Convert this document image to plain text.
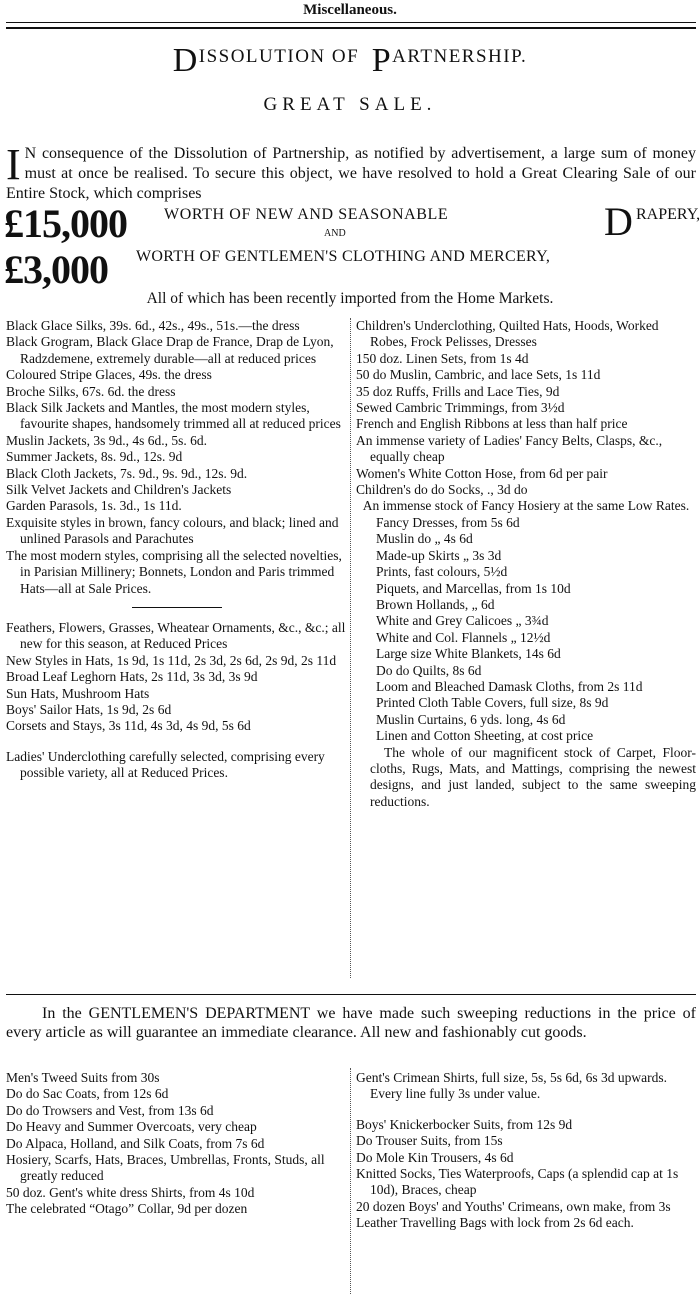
Miscellaneous.
DISSOLUTION OF PARTNERSHIP.
GREAT SALE.
I N consequence of the Dissolution of Partnership, as notified by advertisement, a large sum of money must at once be realised. To secure this object, we have resolved to hold a Great Clearing Sale of our Entire Stock, which comprises
£15,000 WORTH OF NEW AND SEASONABLE
AND	D RAPERY,
£3,000 WORTH OF GENTLEMEN'S CLOTHING AND MERCERY,
All of which has been recently imported from the Home Markets.

Black Glace Silks, 39s. 6d., 42s., 49s., 51s.—the dress

Black Grogram, Black Glace Drap de France, Drap de Lyon, Radzdemene, extremely durable—all at reduced prices

Coloured Stripe Glaces, 49s. the dress

Broche Silks, 67s. 6d. the dress

Black Silk Jackets and Mantles, the most modern styles, favourite shapes, handsomely trimmed all at reduced prices

Muslin Jackets, 3s 9d., 4s 6d., 5s. 6d.

Summer Jackets, 8s. 9d., 12s. 9d

Black Cloth Jackets, 7s. 9d., 9s. 9d., 12s. 9d.

Silk Velvet Jackets and Children's Jackets

Garden Parasols, 1s. 3d., 1s 11d.

Exquisite styles in brown, fancy colours, and black; lined and unlined Parasols and Parachutes

The most modern styles, comprising all the selected novelties, in Parisian Millinery; Bonnets, London and Paris trimmed Hats—all at Sale Prices.

Feathers, Flowers, Grasses, Wheatear Ornaments, &c., &c.; all new for this season, at Reduced Prices

New Styles in Hats, 1s 9d, 1s 11d, 2s 3d, 2s 6d, 2s 9d, 2s 11d

Broad Leaf Leghorn Hats, 2s 11d, 3s 3d, 3s 9d

Sun Hats, Mushroom Hats

Boys' Sailor Hats, 1s 9d, 2s 6d

Corsets and Stays, 3s 11d, 4s 3d, 4s 9d, 5s 6d

Ladies' Underclothing carefully selected, comprising every possible variety, all at Reduced Prices.

Children's Underclothing, Quilted Hats, Hoods, Worked Robes, Frock Pelisses, Dresses

150 doz. Linen Sets, from 1s 4d

50 do Muslin, Cambric, and lace Sets, 1s 11d

35 doz Ruffs, Frills and Lace Ties, 9d

Sewed Cambric Trimmings, from 3½d

French and English Ribbons at less than half price

An immense variety of Ladies' Fancy Belts, Clasps, &c., equally cheap

Women's White Cotton Hose, from 6d per pair

Children's do do Socks, ., 3d do

An immense stock of Fancy Hosiery at the same Low Rates.

Fancy Dresses, from 5s 6d

Muslin do „ 4s 6d

Made-up Skirts „ 3s 3d

Prints, fast colours, 5½d

Piquets, and Marcellas, from 1s 10d

Brown Hollands, „ 6d

White and Grey Calicoes „ 3¾d

White and Col. Flannels „ 12½d

Large size White Blankets, 14s 6d

Do do Quilts, 8s 6d

Loom and Bleached Damask Cloths, from 2s 11d

Printed Cloth Table Covers, full size, 8s 9d

Muslin Curtains, 6 yds. long, 4s 6d

Linen and Cotton Sheeting, at cost price

The whole of our magnificent stock of Carpet, Floor-cloths, Rugs, Mats, and Mattings, comprising the newest designs, and just landed, subject to the same sweeping reductions.

In the GENTLEMEN'S DEPARTMENT we have made such sweeping reductions in the price of every article as will guarantee an immediate clearance. All new and fashionably cut goods.

Men's Tweed Suits from 30s

Do do Sac Coats, from 12s 6d

Do do Trowsers and Vest, from 13s 6d

Do Heavy and Summer Overcoats, very cheap

Do Alpaca, Holland, and Silk Coats, from 7s 6d

Hosiery, Scarfs, Hats, Braces, Umbrellas, Fronts, Studs, all greatly reduced

50 doz. Gent's white dress Shirts, from 4s 10d

The celebrated “Otago” Collar, 9d per dozen

Gent's Crimean Shirts, full size, 5s, 5s 6d, 6s 3d upwards. Every line fully 3s under value.

Boys' Knickerbocker Suits, from 12s 9d

Do Trouser Suits, from 15s

Do Mole Kin Trousers, 4s 6d

Knitted Socks, Ties Waterproofs, Caps (a splendid cap at 1s 10d), Braces, cheap

20 dozen Boys' and Youths' Crimeans, own make, from 3s

Leather Travelling Bags with lock from 2s 6d each.
